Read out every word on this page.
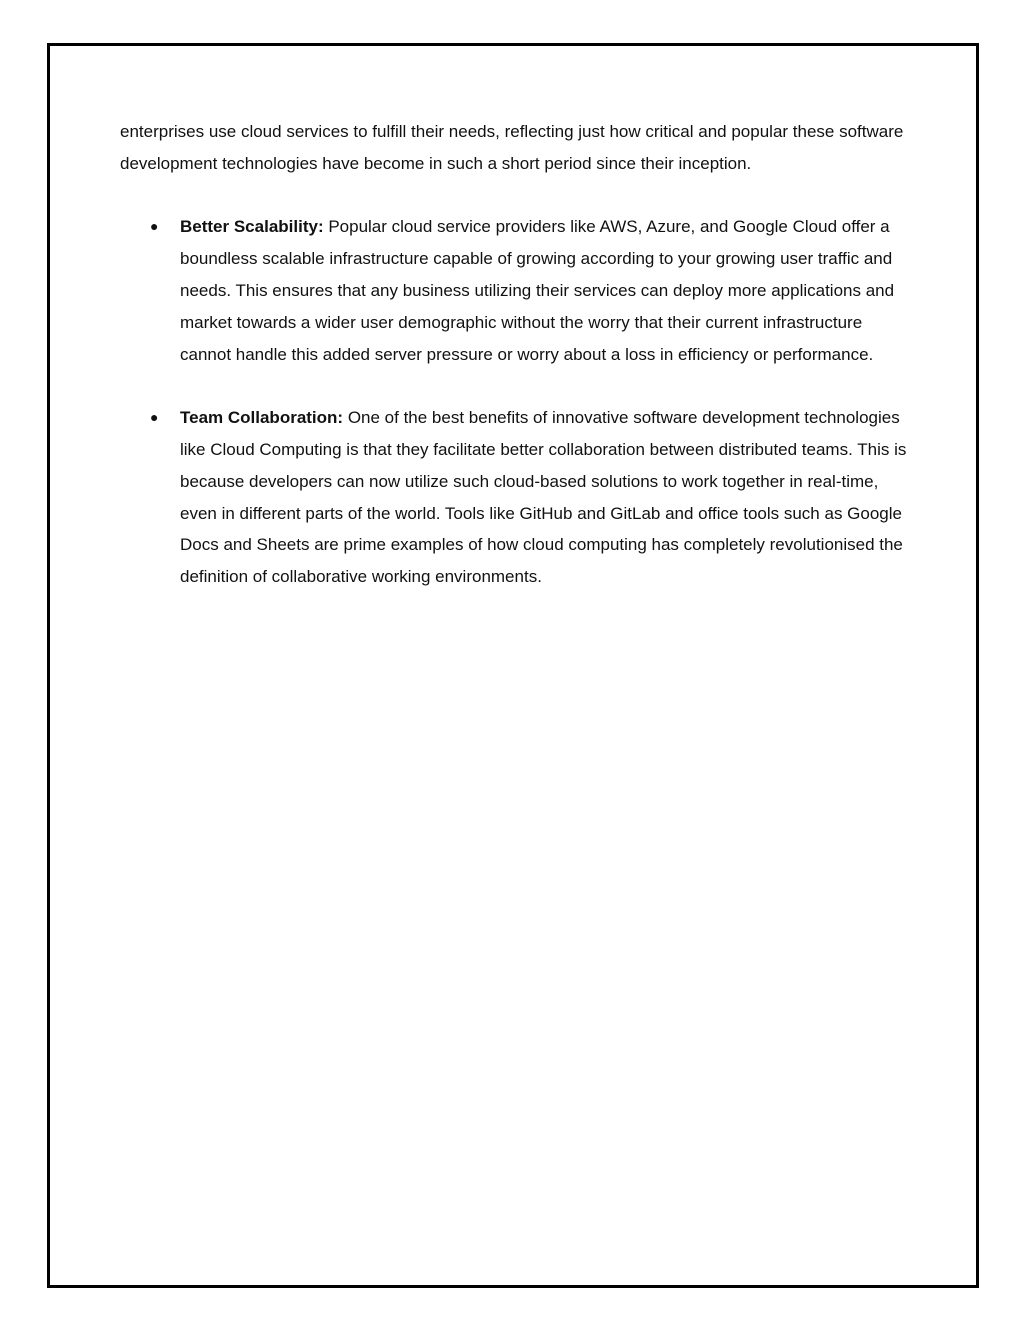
enterprises use cloud services to fulfill their needs, reflecting just how critical and popular these software development technologies have become in such a short period since their inception.

● Better Scalability: Popular cloud service providers like AWS, Azure, and Google Cloud offer a boundless scalable infrastructure capable of growing according to your growing user traffic and needs. This ensures that any business utilizing their services can deploy more applications and market towards a wider user demographic without the worry that their current infrastructure cannot handle this added server pressure or worry about a loss in efficiency or performance.
● Team Collaboration: One of the best benefits of innovative software development technologies like Cloud Computing is that they facilitate better collaboration between distributed teams. This is because developers can now utilize such cloud-based solutions to work together in real-time, even in different parts of the world. Tools like GitHub and GitLab and office tools such as Google Docs and Sheets are prime examples of how cloud computing has completely revolutionised the definition of collaborative working environments.
